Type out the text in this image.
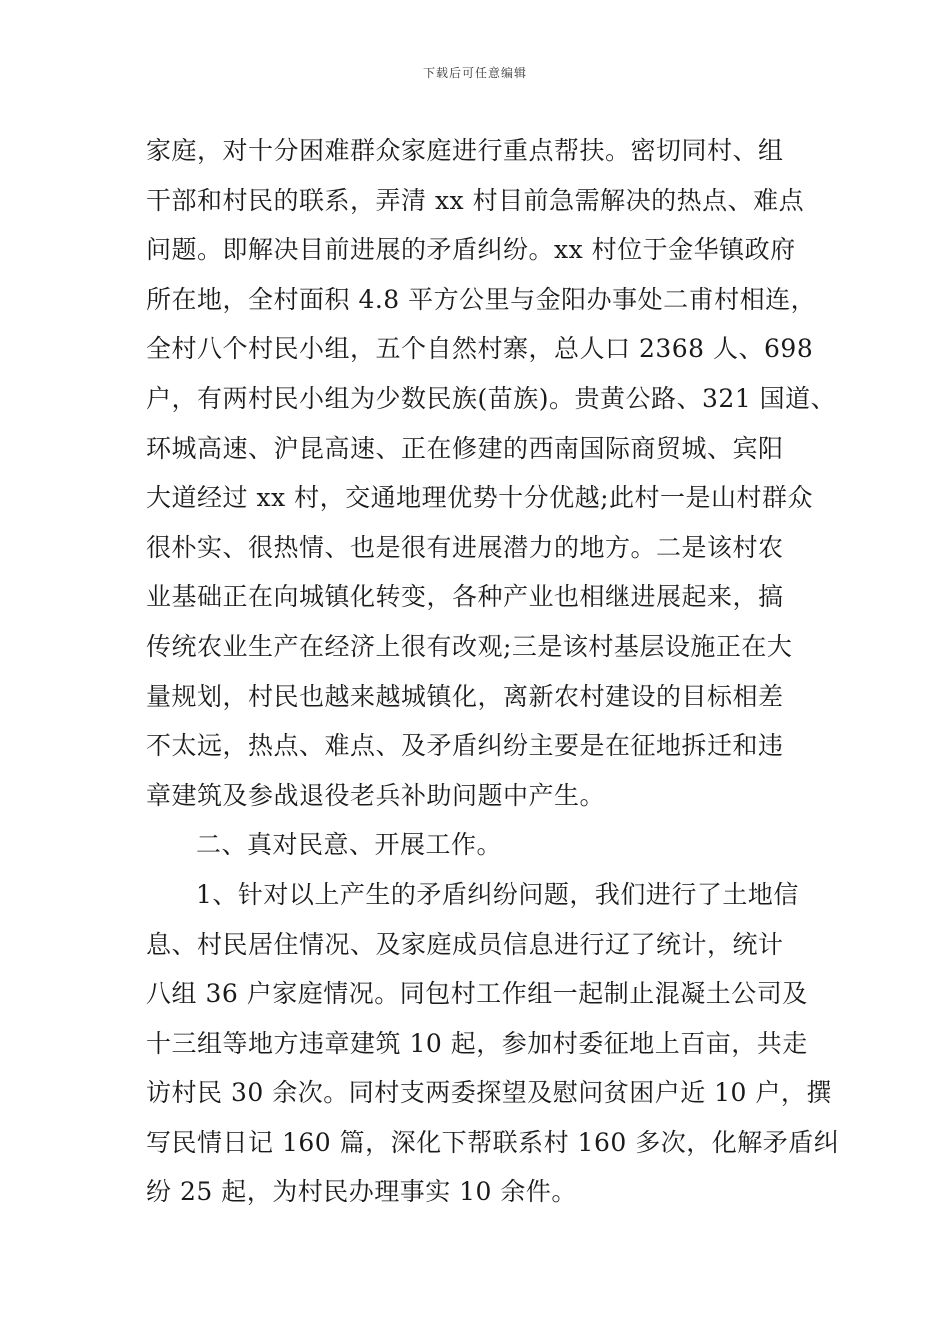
下载后可任意编辑
家庭，对十分困难群众家庭进行重点帮扶。密切同村、组
干部和村民的联系，弄清 xx 村目前急需解决的热点、难点
问题。即解决目前进展的矛盾纠纷。xx 村位于金华镇政府
所在地，全村面积 4.8 平方公里与金阳办事处二甫村相连，
全村八个村民小组，五个自然村寨，总人口 2368 人、698
户，有两村民小组为少数民族(苗族)。贵黄公路、321 国道、
环城高速、沪昆高速、正在修建的西南国际商贸城、宾阳
大道经过 xx 村，交通地理优势十分优越;此村一是山村群众
很朴实、很热情、也是很有进展潜力的地方。二是该村农
业基础正在向城镇化转变，各种产业也相继进展起来，搞
传统农业生产在经济上很有改观;三是该村基层设施正在大
量规划，村民也越来越城镇化，离新农村建设的目标相差
不太远，热点、难点、及矛盾纠纷主要是在征地拆迁和违
章建筑及参战退役老兵补助问题中产生。
二、真对民意、开展工作。
1、针对以上产生的矛盾纠纷问题，我们进行了土地信
息、村民居住情况、及家庭成员信息进行辽了统计，统计
八组 36 户家庭情况。同包村工作组一起制止混凝土公司及
十三组等地方违章建筑 10 起，参加村委征地上百亩，共走
访村民 30 余次。同村支两委探望及慰问贫困户近 10 户，撰
写民情日记 160 篇，深化下帮联系村 160 多次，化解矛盾纠
纷 25 起，为村民办理事实 10 余件。
